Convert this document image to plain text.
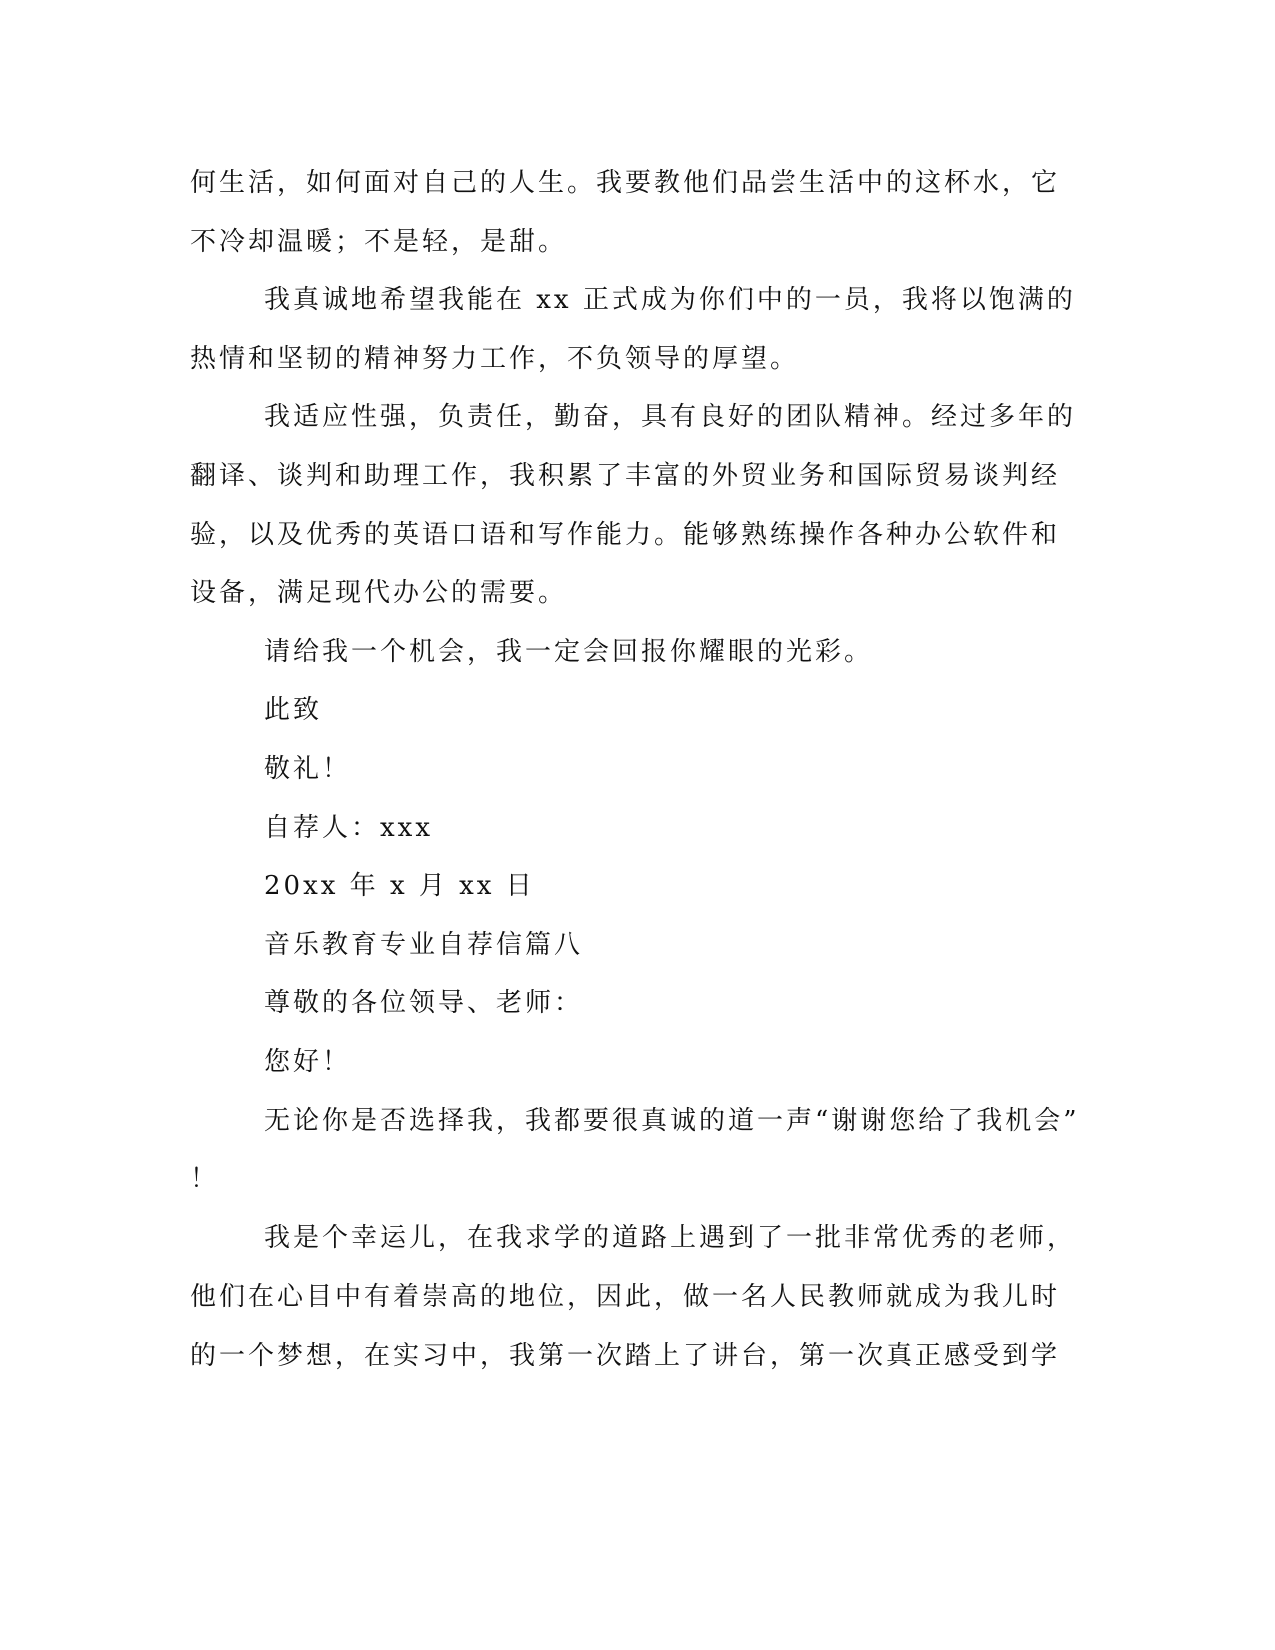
何生活，如何面对自己的人生。我要教他们品尝生活中的这杯水，它
不冷却温暖；不是轻，是甜。
我真诚地希望我能在 xx 正式成为你们中的一员，我将以饱满的
热情和坚韧的精神努力工作，不负领导的厚望。
我适应性强，负责任，勤奋，具有良好的团队精神。经过多年的
翻译、谈判和助理工作，我积累了丰富的外贸业务和国际贸易谈判经
验，以及优秀的英语口语和写作能力。能够熟练操作各种办公软件和
设备，满足现代办公的需要。
请给我一个机会，我一定会回报你耀眼的光彩。
此致
敬礼！
自荐人：xxx
20xx 年 x 月 xx 日
音乐教育专业自荐信篇八
尊敬的各位领导、老师：
您好！
无论你是否选择我，我都要很真诚的道一声“谢谢您给了我机会”
！
我是个幸运儿，在我求学的道路上遇到了一批非常优秀的老师，
他们在心目中有着崇高的地位，因此，做一名人民教师就成为我儿时
的一个梦想，在实习中，我第一次踏上了讲台，第一次真正感受到学
